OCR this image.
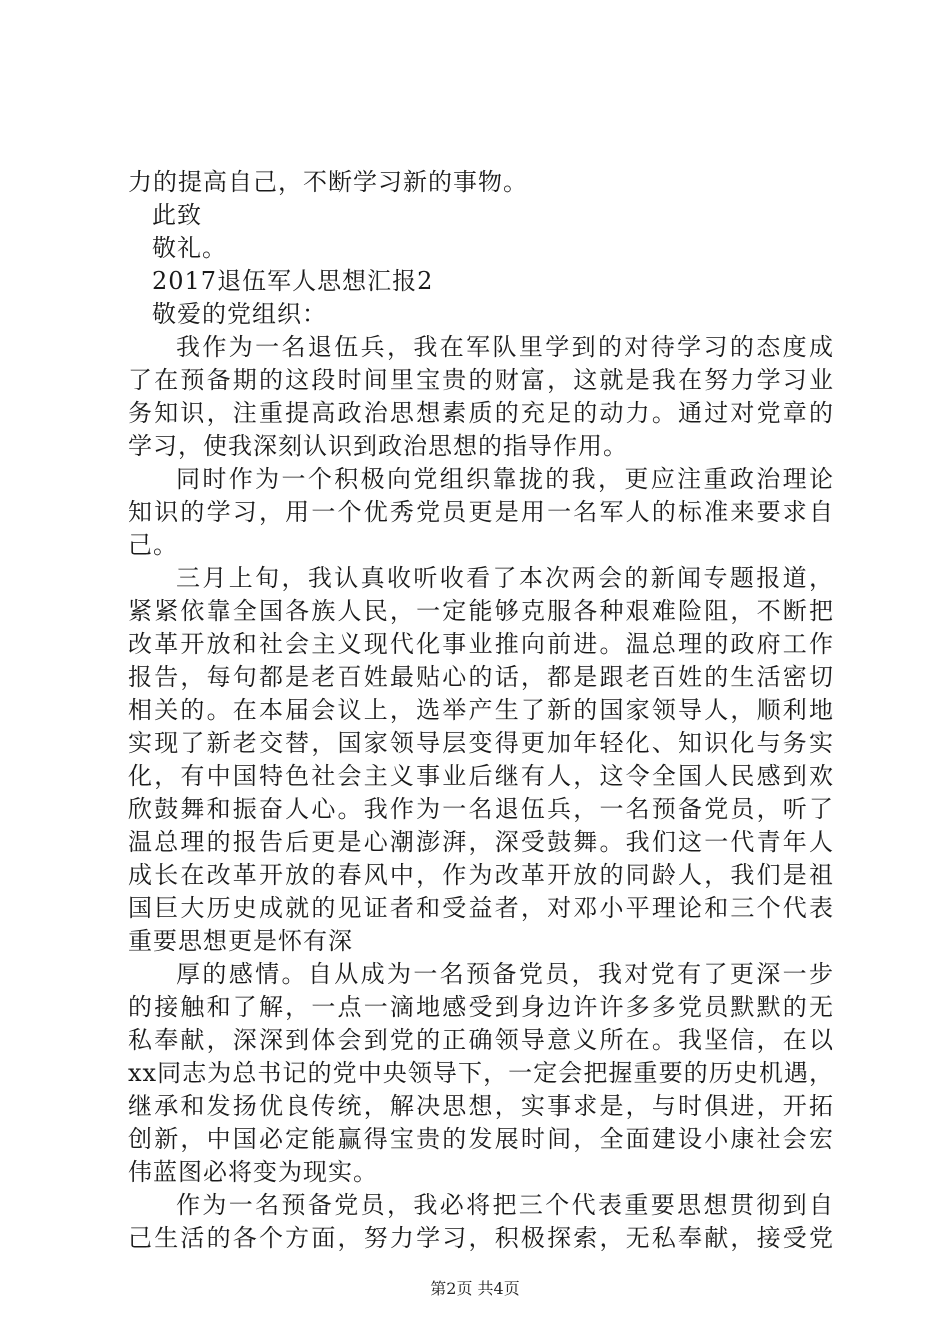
力的提高自己，不断学习新的事物。
此致
敬礼。
2017退伍军人思想汇报2
敬爱的党组织：
我作为一名退伍兵，我在军队里学到的对待学习的态度成
了在预备期的这段时间里宝贵的财富，这就是我在努力学习业
务知识，注重提高政治思想素质的充足的动力。通过对党章的
学习，使我深刻认识到政治思想的指导作用。
同时作为一个积极向党组织靠拢的我，更应注重政治理论
知识的学习，用一个优秀党员更是用一名军人的标准来要求自
己。
三月上旬，我认真收听收看了本次两会的新闻专题报道，
紧紧依靠全国各族人民，一定能够克服各种艰难险阻，不断把
改革开放和社会主义现代化事业推向前进。温总理的政府工作
报告，每句都是老百姓最贴心的话，都是跟老百姓的生活密切
相关的。在本届会议上，选举产生了新的国家领导人，顺利地
实现了新老交替，国家领导层变得更加年轻化、知识化与务实
化，有中国特色社会主义事业后继有人，这令全国人民感到欢
欣鼓舞和振奋人心。我作为一名退伍兵，一名预备党员，听了
温总理的报告后更是心潮澎湃，深受鼓舞。我们这一代青年人
成长在改革开放的春风中，作为改革开放的同龄人，我们是祖
国巨大历史成就的见证者和受益者，对邓小平理论和三个代表
重要思想更是怀有深
厚的感情。自从成为一名预备党员，我对党有了更深一步
的接触和了解，一点一滴地感受到身边许许多多党员默默的无
私奉献，深深到体会到党的正确领导意义所在。我坚信，在以
xx同志为总书记的党中央领导下，一定会把握重要的历史机遇，
继承和发扬优良传统，解决思想，实事求是，与时俱进，开拓
创新，中国必定能赢得宝贵的发展时间，全面建设小康社会宏
伟蓝图必将变为现实。
作为一名预备党员，我必将把三个代表重要思想贯彻到自
己生活的各个方面，努力学习，积极探索，无私奉献，接受党
第2页 共4页
